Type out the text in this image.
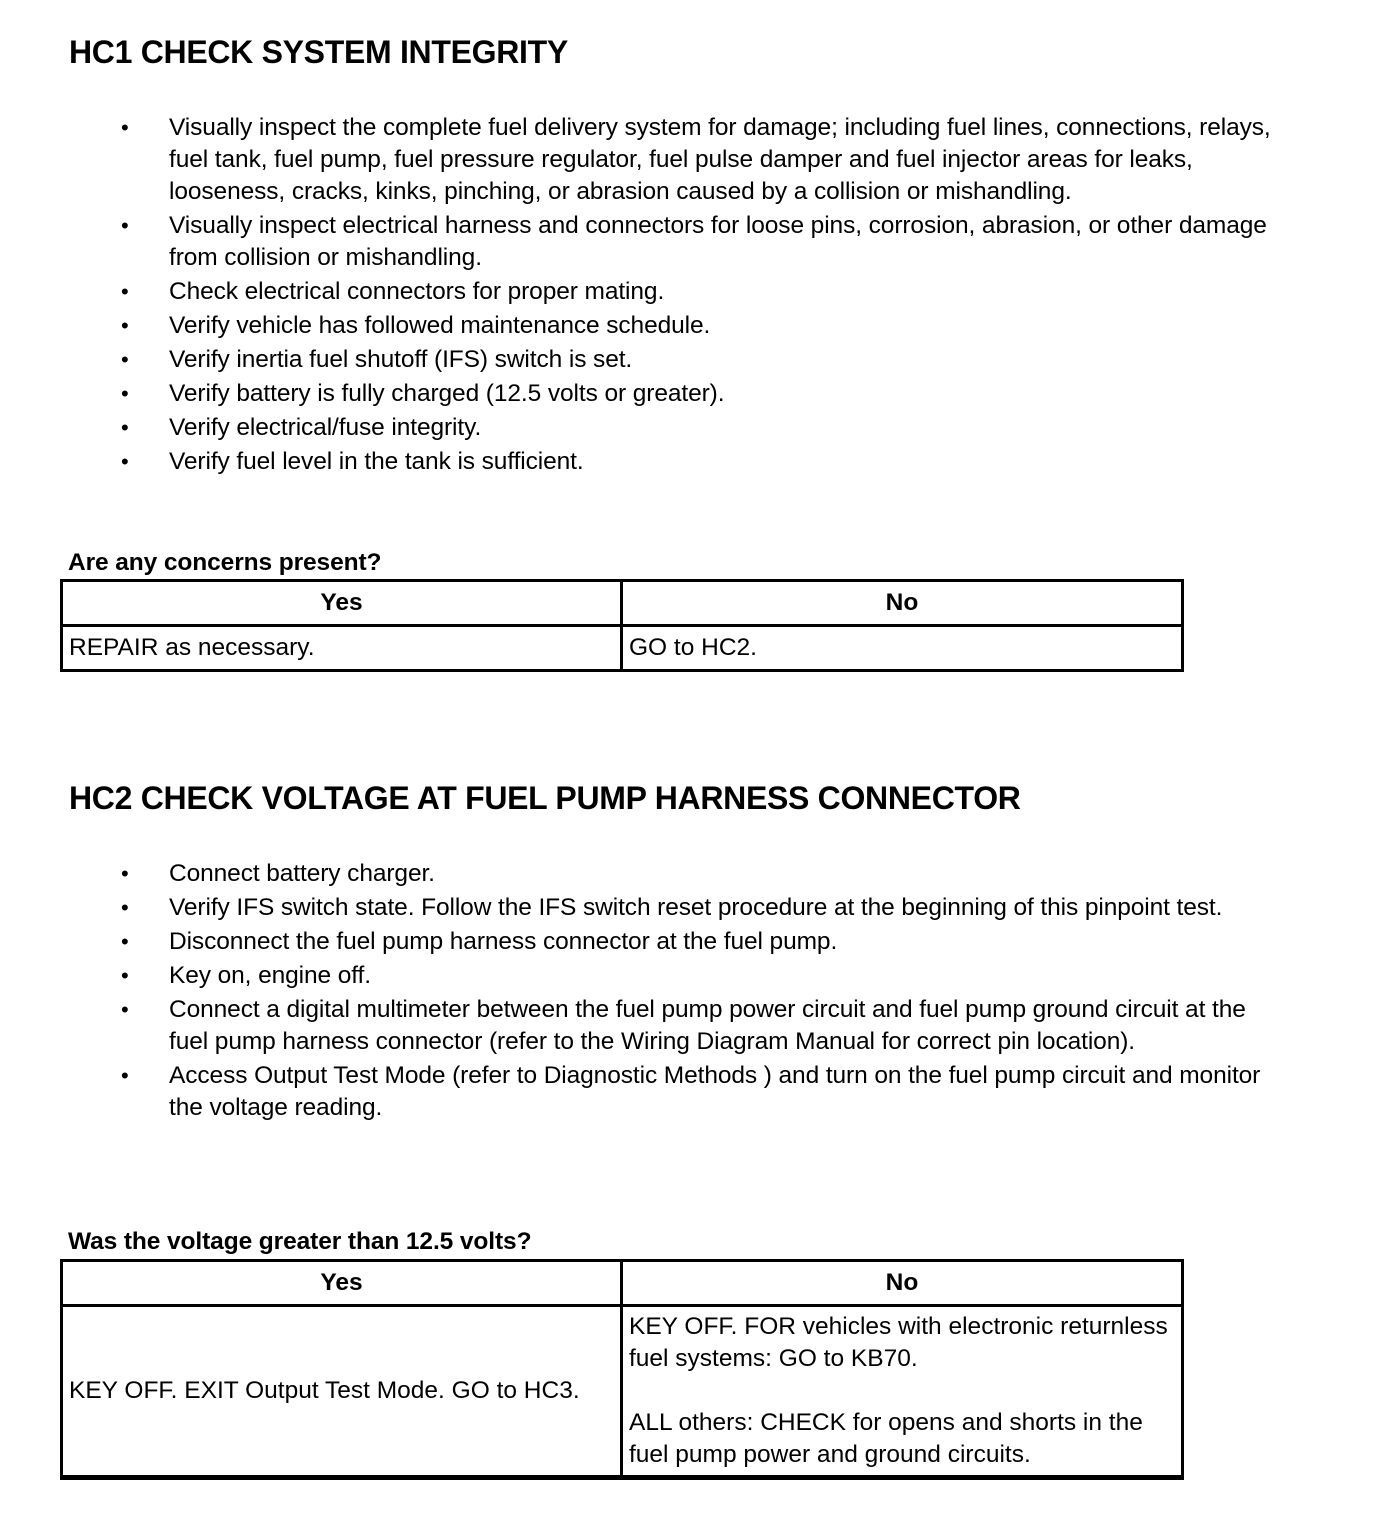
HC1 CHECK SYSTEM INTEGRITY
•	Visually inspect the complete fuel delivery system for damage; including fuel lines, connections, relays, fuel tank, fuel pump, fuel pressure regulator, fuel pulse damper and fuel injector areas for leaks, looseness, cracks, kinks, pinching, or abrasion caused by a collision or mishandling.
•	Visually inspect electrical harness and connectors for loose pins, corrosion, abrasion, or other damage from collision or mishandling.
•	Check electrical connectors for proper mating.
•	Verify vehicle has followed maintenance schedule.
•	Verify inertia fuel shutoff (IFS) switch is set.
•	Verify battery is fully charged (12.5 volts or greater).
•	Verify electrical/fuse integrity.
•	Verify fuel level in the tank is sufficient.

Are any concerns present?

Yes	No

REPAIR as necessary.	GO to HC2.
HC2 CHECK VOLTAGE AT FUEL PUMP HARNESS CONNECTOR
•	Connect battery charger.
•	Verify IFS switch state. Follow the IFS switch reset procedure at the beginning of this pinpoint test.
•	Disconnect the fuel pump harness connector at the fuel pump.
•	Key on, engine off.
•	Connect a digital multimeter between the fuel pump power circuit and fuel pump ground circuit at the fuel pump harness connector (refer to the Wiring Diagram Manual for correct pin location).
•	Access Output Test Mode (refer to Diagnostic Methods ) and turn on the fuel pump circuit and monitor the voltage reading.

Was the voltage greater than 12.5 volts?

Yes	No

KEY OFF. EXIT Output Test Mode. GO to HC3.	KEY OFF. FOR vehicles with electronic returnless fuel systems: GO to KB70.
ALL others: CHECK for opens and shorts in the fuel pump power and ground circuits.
